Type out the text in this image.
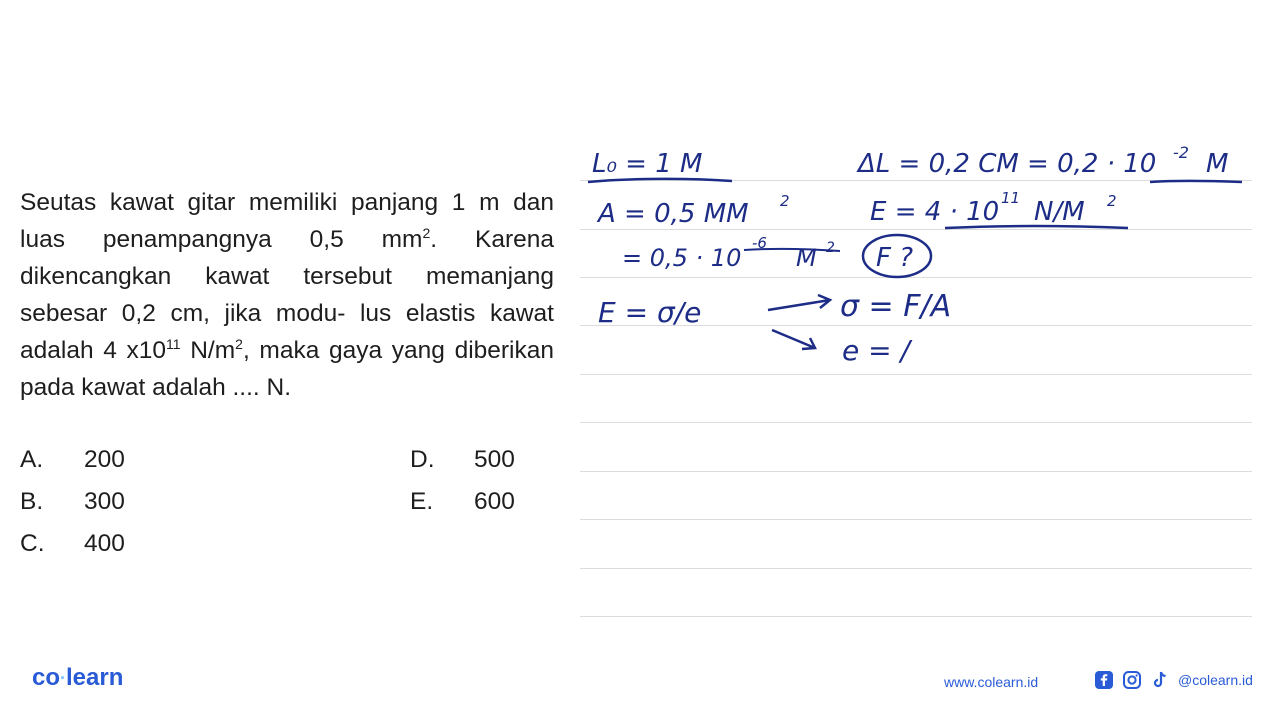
Seutas kawat gitar memiliki panjang 1 m dan luas penampangnya 0,5 $mm^2$. Karena dikencangkan kawat tersebut memanjang sebesar 0,2 cm, jika modu- lus elastis kawat adalah 4 $x10^{11}$ $N/m^2$, maka gaya yang diberikan pada kawat adalah .... N.

A. 200
B. 300
C. 400
D. 500
E. 600
L₀ = 1 M	ΔL = 0,2 CM = 0,2 · 10 -2 M
A = 0,5 MM 2	E = 4 · 10 11 N/M 2
= 0,5 · 10
-6
M 2 F ?
E = σ/e	σ = F/A
e = /
co·learn	www.colearn.id	@colearn.id
